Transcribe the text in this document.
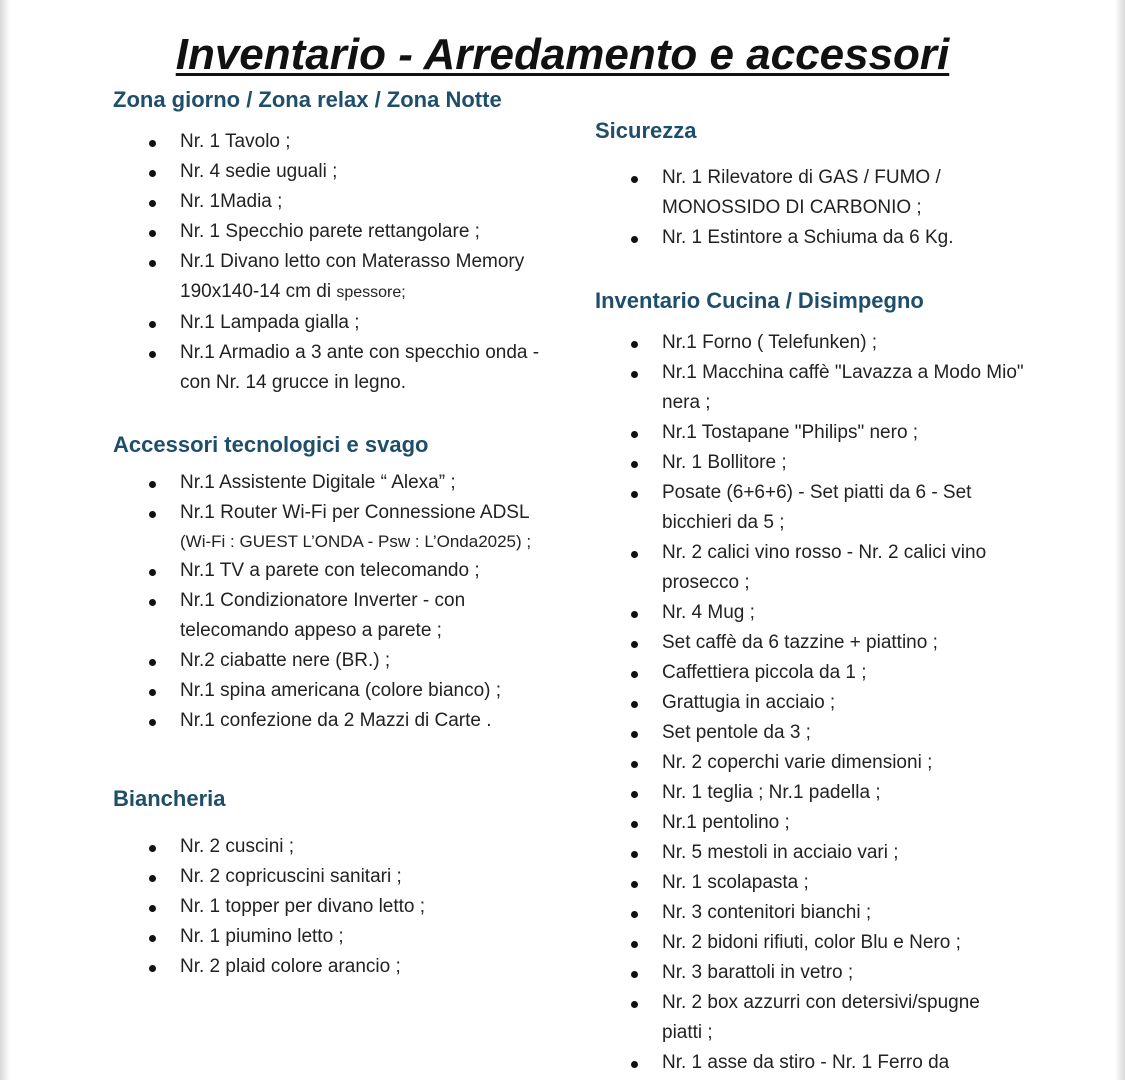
Inventario - Arredamento e accessori
Zona giorno / Zona relax / Zona Notte
Nr. 1 Tavolo ;
Nr. 4 sedie uguali ;
Nr. 1Madia ;
Nr. 1 Specchio parete rettangolare ;
Nr.1 Divano letto con Materasso Memory 190x140-14 cm di spessore;
Nr.1 Lampada gialla ;
Nr.1 Armadio a 3 ante con specchio onda - con Nr. 14 grucce in legno.
Accessori tecnologici e svago
Nr.1 Assistente Digitale “ Alexa” ;
Nr.1 Router Wi-Fi per Connessione ADSL
(Wi-Fi : GUEST L’ONDA - Psw : L’Onda2025) ;
Nr.1 TV a parete con telecomando ;
Nr.1 Condizionatore Inverter - con telecomando appeso a parete ;
Nr.2 ciabatte nere (BR.) ;
Nr.1 spina americana (colore bianco) ;
Nr.1 confezione da 2 Mazzi di Carte .
Biancheria
Nr. 2 cuscini ;
Nr. 2 copricuscini sanitari ;
Nr. 1 topper per divano letto ;
Nr. 1 piumino letto ;
Nr. 2 plaid colore arancio ;
Sicurezza
Nr. 1 Rilevatore di GAS / FUMO / MONOSSIDO DI CARBONIO ;
Nr. 1 Estintore a Schiuma da 6 Kg.
Inventario Cucina / Disimpegno
Nr.1 Forno ( Telefunken) ;
Nr.1 Macchina caffè "Lavazza a Modo Mio" nera ;
Nr.1 Tostapane "Philips" nero ;
Nr. 1 Bollitore ;
Posate (6+6+6) - Set piatti da 6 - Set bicchieri da 5 ;
Nr. 2 calici vino rosso - Nr. 2 calici vino prosecco ;
Nr. 4 Mug ;
Set caffè da 6 tazzine + piattino ;
Caffettiera piccola da 1 ;
Grattugia in acciaio ;
Set pentole da 3 ;
Nr. 2 coperchi varie dimensioni ;
Nr. 1 teglia ; Nr.1 padella ;
Nr.1 pentolino ;
Nr. 5 mestoli in acciaio vari ;
Nr. 1 scolapasta ;
Nr. 3 contenitori bianchi ;
Nr. 2 bidoni rifiuti, color Blu e Nero ;
Nr. 3 barattoli in vetro ;
Nr. 2 box azzurri con detersivi/spugne piatti ;
Nr. 1 asse da stiro - Nr. 1 Ferro da
